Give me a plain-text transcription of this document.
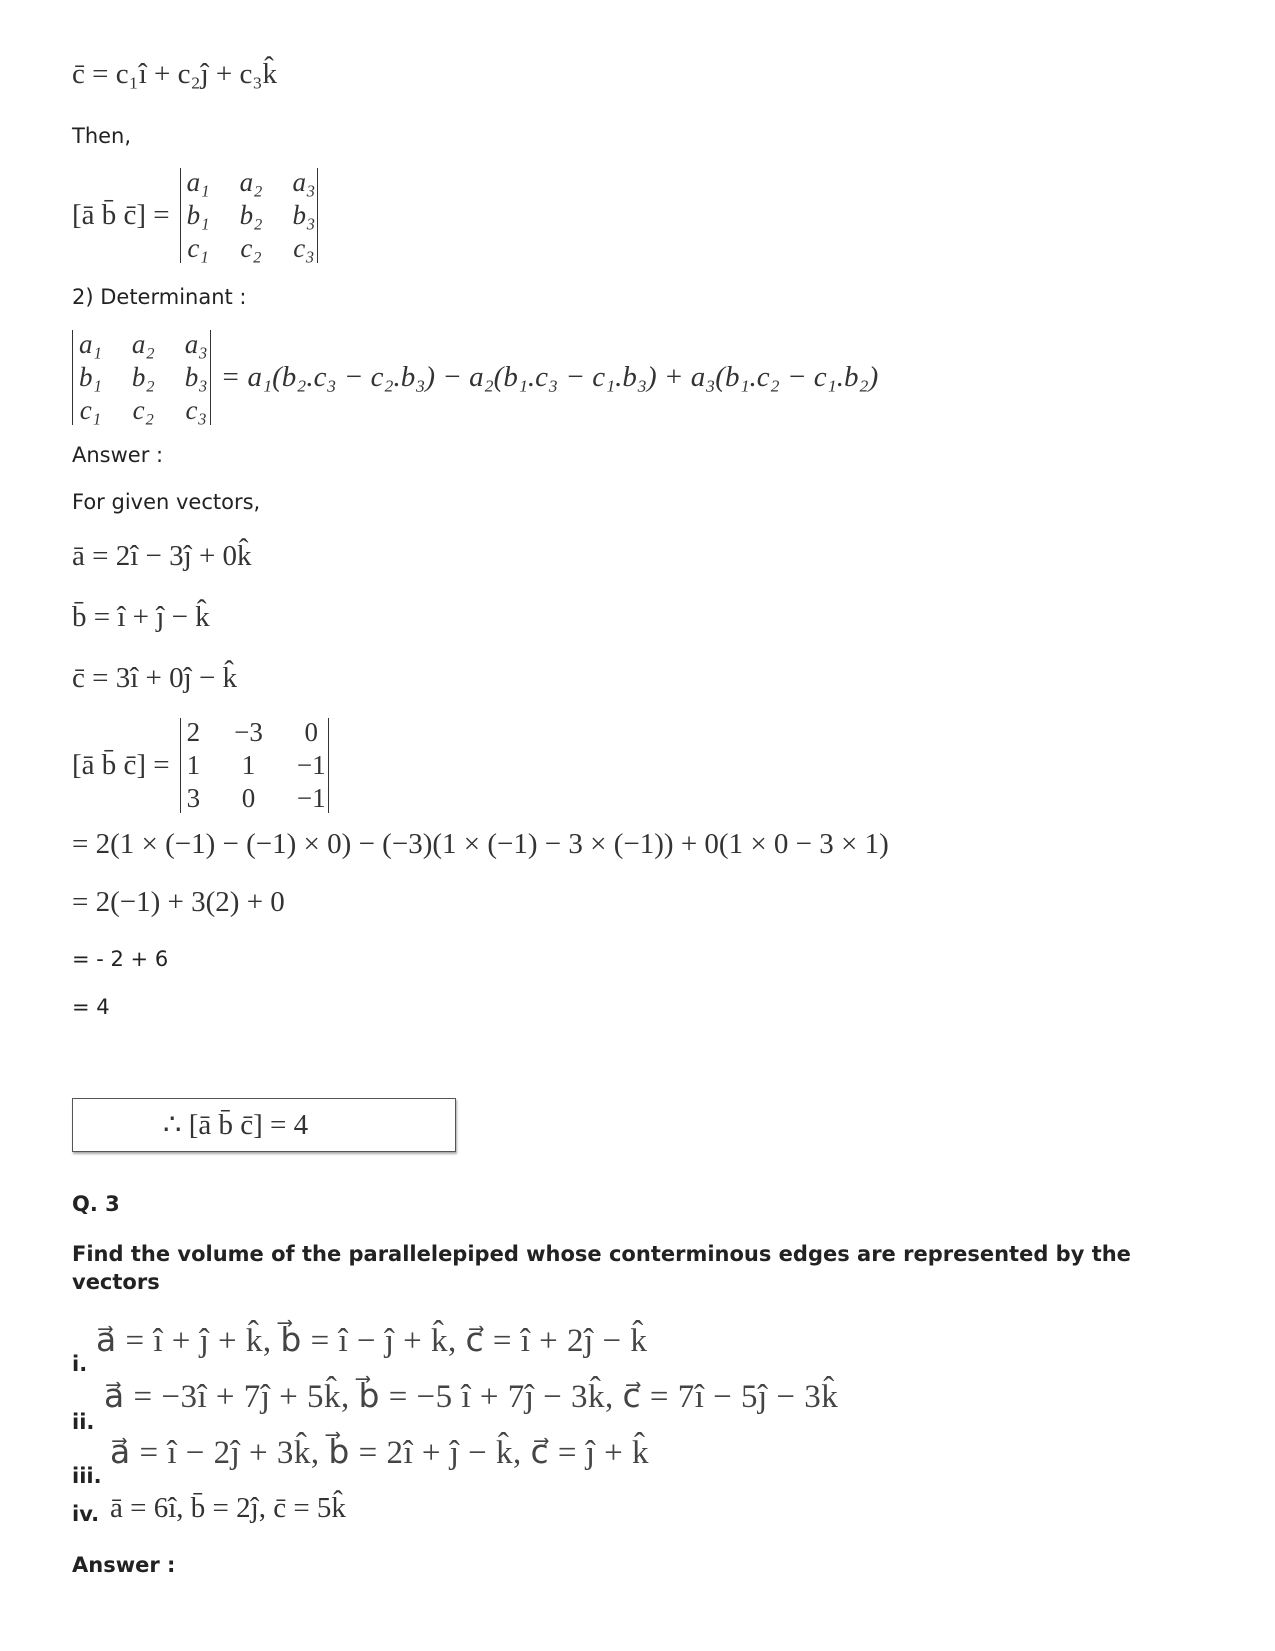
c̄ = c₁î + c₂ĵ + c₃k̂
Then,
[ā b̄ c̄] =
a₁ a₂ a₃
b₁ b₂ b₃
c₁ c₂ c₃
2) Determinant :
a₁ a₂ a₃
b₁ b₂ b₃
c₁ c₂ c₃
= a₁(b₂.c₃ − c₂.b₃) − a₂(b₁.c₃ − c₁.b₃) + a₃(b₁.c₂ − c₁.b₂)
Answer :
For given vectors,
ā = 2î − 3ĵ + 0k̂
b̄ = î + ĵ − k̂
c̄ = 3î + 0ĵ − k̂
[ā b̄ c̄] =
2 −3 0
1 1 −1
3 0 −1
= 2(1 × (−1) − (−1) × 0) − (−3)(1 × (−1) − 3 × (−1)) + 0(1 × 0 − 3 × 1)
= 2(−1) + 3(2) + 0
= - 2 + 6
= 4
∴ [ā b̄ c̄] = 4
Q. 3
Find the volume of the parallelepiped whose conterminous edges are represented by the vectors
i.
a⃗ = î + ĵ + k̂, b⃗ = î − ĵ + k̂, c⃗ = î + 2ĵ − k̂
ii.
a⃗ = −3î + 7ĵ + 5k̂, b⃗ = −5 î + 7ĵ − 3k̂, c⃗ = 7î − 5ĵ − 3k̂
iii.
a⃗ = î − 2ĵ + 3k̂, b⃗ = 2î + ĵ − k̂, c⃗ = ĵ + k̂
iv. ā = 6î, b̄ = 2ĵ, c̄ = 5k̂
Answer :
